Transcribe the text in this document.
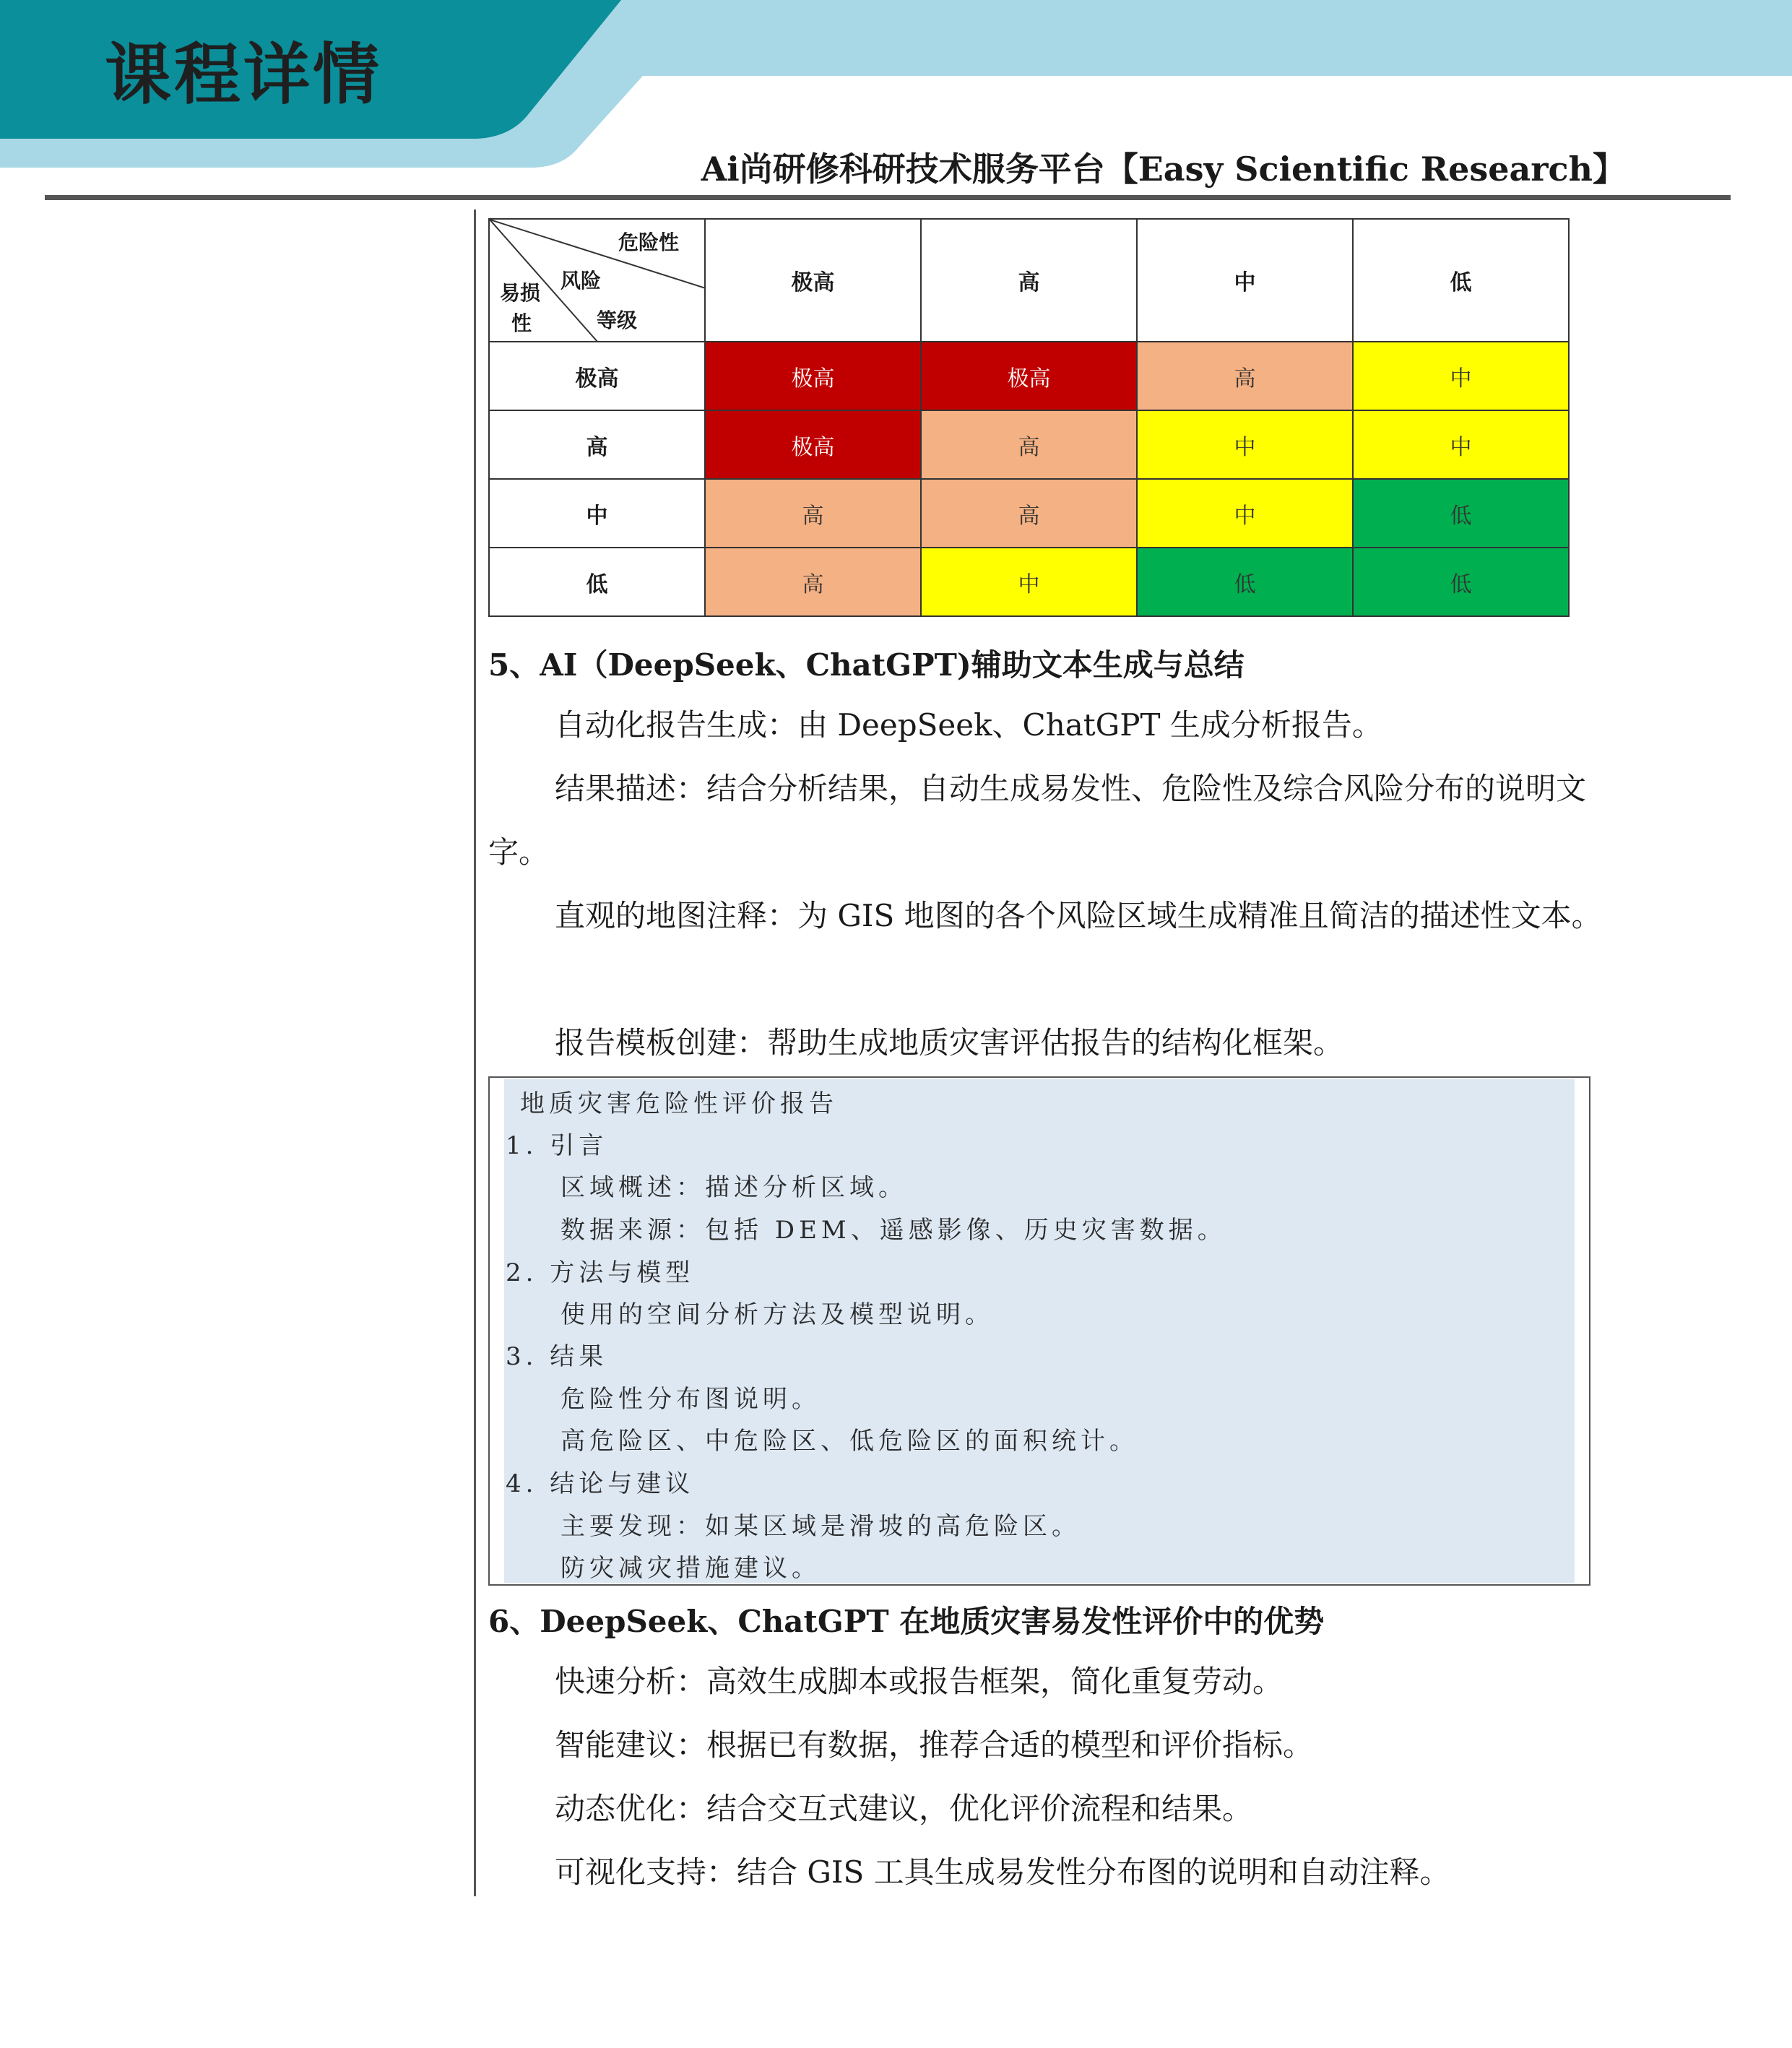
课程详情
Ai尚研修科研技术服务平台【Easy Scientific Research】
危险性
风险
等级
易损
性	极高	高	中	低
极高	极高	极高	高	中
高	极高	高	中	中
中	高	高	中	低
低	高	中	低	低
5、AI（DeepSeek、ChatGPT)辅助文本生成与总结

自动化报告生成：由 DeepSeek、ChatGPT 生成分析报告。

结果描述：结合分析结果，自动生成易发性、危险性及综合风险分布的说明文字。

直观的地图注释：为 GIS 地图的各个风险区域生成精准且简洁的描述性文本。

报告模板创建：帮助生成地质灾害评估报告的结构化框架。

地质灾害危险性评价报告
1. 引言
区域概述：描述分析区域。
数据来源：包括 DEM、遥感影像、历史灾害数据。
2. 方法与模型
使用的空间分析方法及模型说明。
3. 结果
危险性分布图说明。
高危险区、中危险区、低危险区的面积统计。
4. 结论与建议
主要发现：如某区域是滑坡的高危险区。
防灾减灾措施建议。
6、DeepSeek、ChatGPT 在地质灾害易发性评价中的优势

快速分析：高效生成脚本或报告框架，简化重复劳动。

智能建议：根据已有数据，推荐合适的模型和评价指标。

动态优化：结合交互式建议，优化评价流程和结果。

可视化支持：结合 GIS 工具生成易发性分布图的说明和自动注释。
